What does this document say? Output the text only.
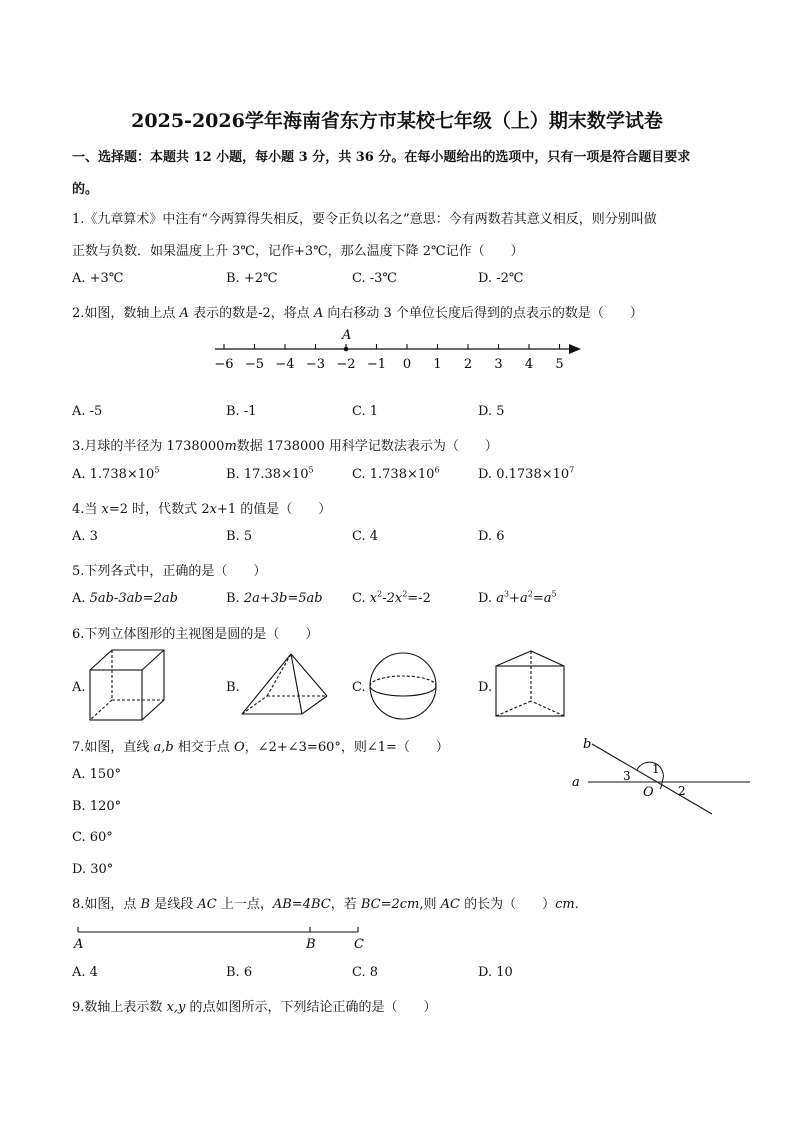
2025-2026学年海南省东方市某校七年级（上）期末数学试卷
一、选择题：本题共 12 小题，每小题 3 分，共 36 分。在每小题给出的选项中，只有一项是符合题目要求
的。
1.《九章算术》中注有“今两算得失相反，要令正负以名之”意思：今有两数若其意义相反，则分别叫做
正数与负数．如果温度上升 3℃，记作+3℃，那么温度下降 2℃记作（　　）
A. +3℃	B. +2℃	C. -3℃	D. -2℃
2.如图，数轴上点 A 表示的数是-2，将点 A 向右移动 3 个单位长度后得到的点表示的数是（　　）
−6 −5 −4 −3 −2 −1 0 1 2 3 4 5
A
A. -5	B. -1	C. 1	D. 5
3.月球的半径为 1738000m数据 1738000 用科学记数法表示为（　　）
A. $1.738\times 10^5$	B. $17.38\times 10^5$	C. $1.738\times 10^6$	D. $0.1738\times 10^7$
4.当 x=2 时，代数式 2x+1 的值是（　　）
A. 3	B. 5	C. 4	D. 6
5.下列各式中，正确的是（　　）
A. 5ab-3ab=2ab	B. 2a+3b=5ab C. $x^2-2x^2=-2$	D. $a^3+a^2=a^5$
6.下列立体图形的主视图是圆的是（　　）
A.	B.	C.	D.
7.如图，直线 a,b 相交于点 O，∠2+∠3=60°，则∠1=（　　）
A. 150°
B. 120°
C. 60°
D. 30°
a
b
O
1
2
3
8.如图，点 B 是线段 AC 上一点，AB=4BC，若 BC=2cm,则 AC 的长为（　　）cm.
A	B	C
A. 4	B. 6	C. 8	D. 10
9.数轴上表示数 x,y 的点如图所示，下列结论正确的是（　　）
